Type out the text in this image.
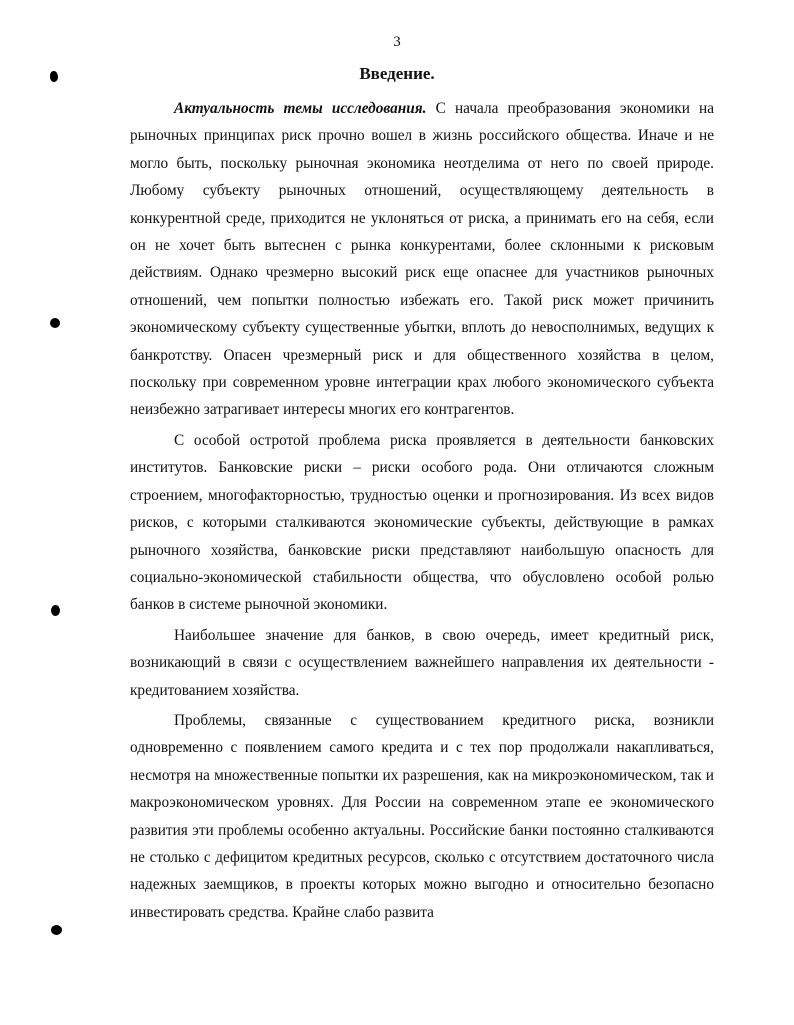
3
Введение.

Актуальность темы исследования. С начала преобразования экономики на рыночных принципах риск прочно вошел в жизнь российского общества. Иначе и не могло быть, поскольку рыночная экономика неотделима от него по своей природе. Любому субъекту рыночных отношений, осуществляющему деятельность в конкурентной среде, приходится не уклоняться от риска, а принимать его на себя, если он не хочет быть вытеснен с рынка конкурентами, более склонными к рисковым действиям. Однако чрезмерно высокий риск еще опаснее для участников рыночных отношений, чем попытки полностью избежать его. Такой риск может причинить экономическому субъекту существенные убытки, вплоть до невосполнимых, ведущих к банкротству. Опасен чрезмерный риск и для общественного хозяйства в целом, поскольку при современном уровне интеграции крах любого экономического субъекта неизбежно затрагивает интересы многих его контрагентов.

С особой остротой проблема риска проявляется в деятельности банковских институтов. Банковские риски – риски особого рода. Они отличаются сложным строением, многофакторностью, трудностью оценки и прогнозирования. Из всех видов рисков, с которыми сталкиваются экономические субъекты, действующие в рамках рыночного хозяйства, банковские риски представляют наибольшую опасность для социально-экономической стабильности общества, что обусловлено особой ролью банков в системе рыночной экономики.

Наибольшее значение для банков, в свою очередь, имеет кредитный риск, возникающий в связи с осуществлением важнейшего направления их деятельности - кредитованием хозяйства.

Проблемы, связанные с существованием кредитного риска, возникли одновременно с появлением самого кредита и с тех пор продолжали накапливаться, несмотря на множественные попытки их разрешения, как на микроэкономическом, так и макроэкономическом уровнях. Для России на современном этапе ее экономического развития эти проблемы особенно актуальны. Российские банки постоянно сталкиваются не столько с дефицитом кредитных ресурсов, сколько с отсутствием достаточного числа надежных заемщиков, в проекты которых можно выгодно и относительно безопасно инвестировать средства. Крайне слабо развита
